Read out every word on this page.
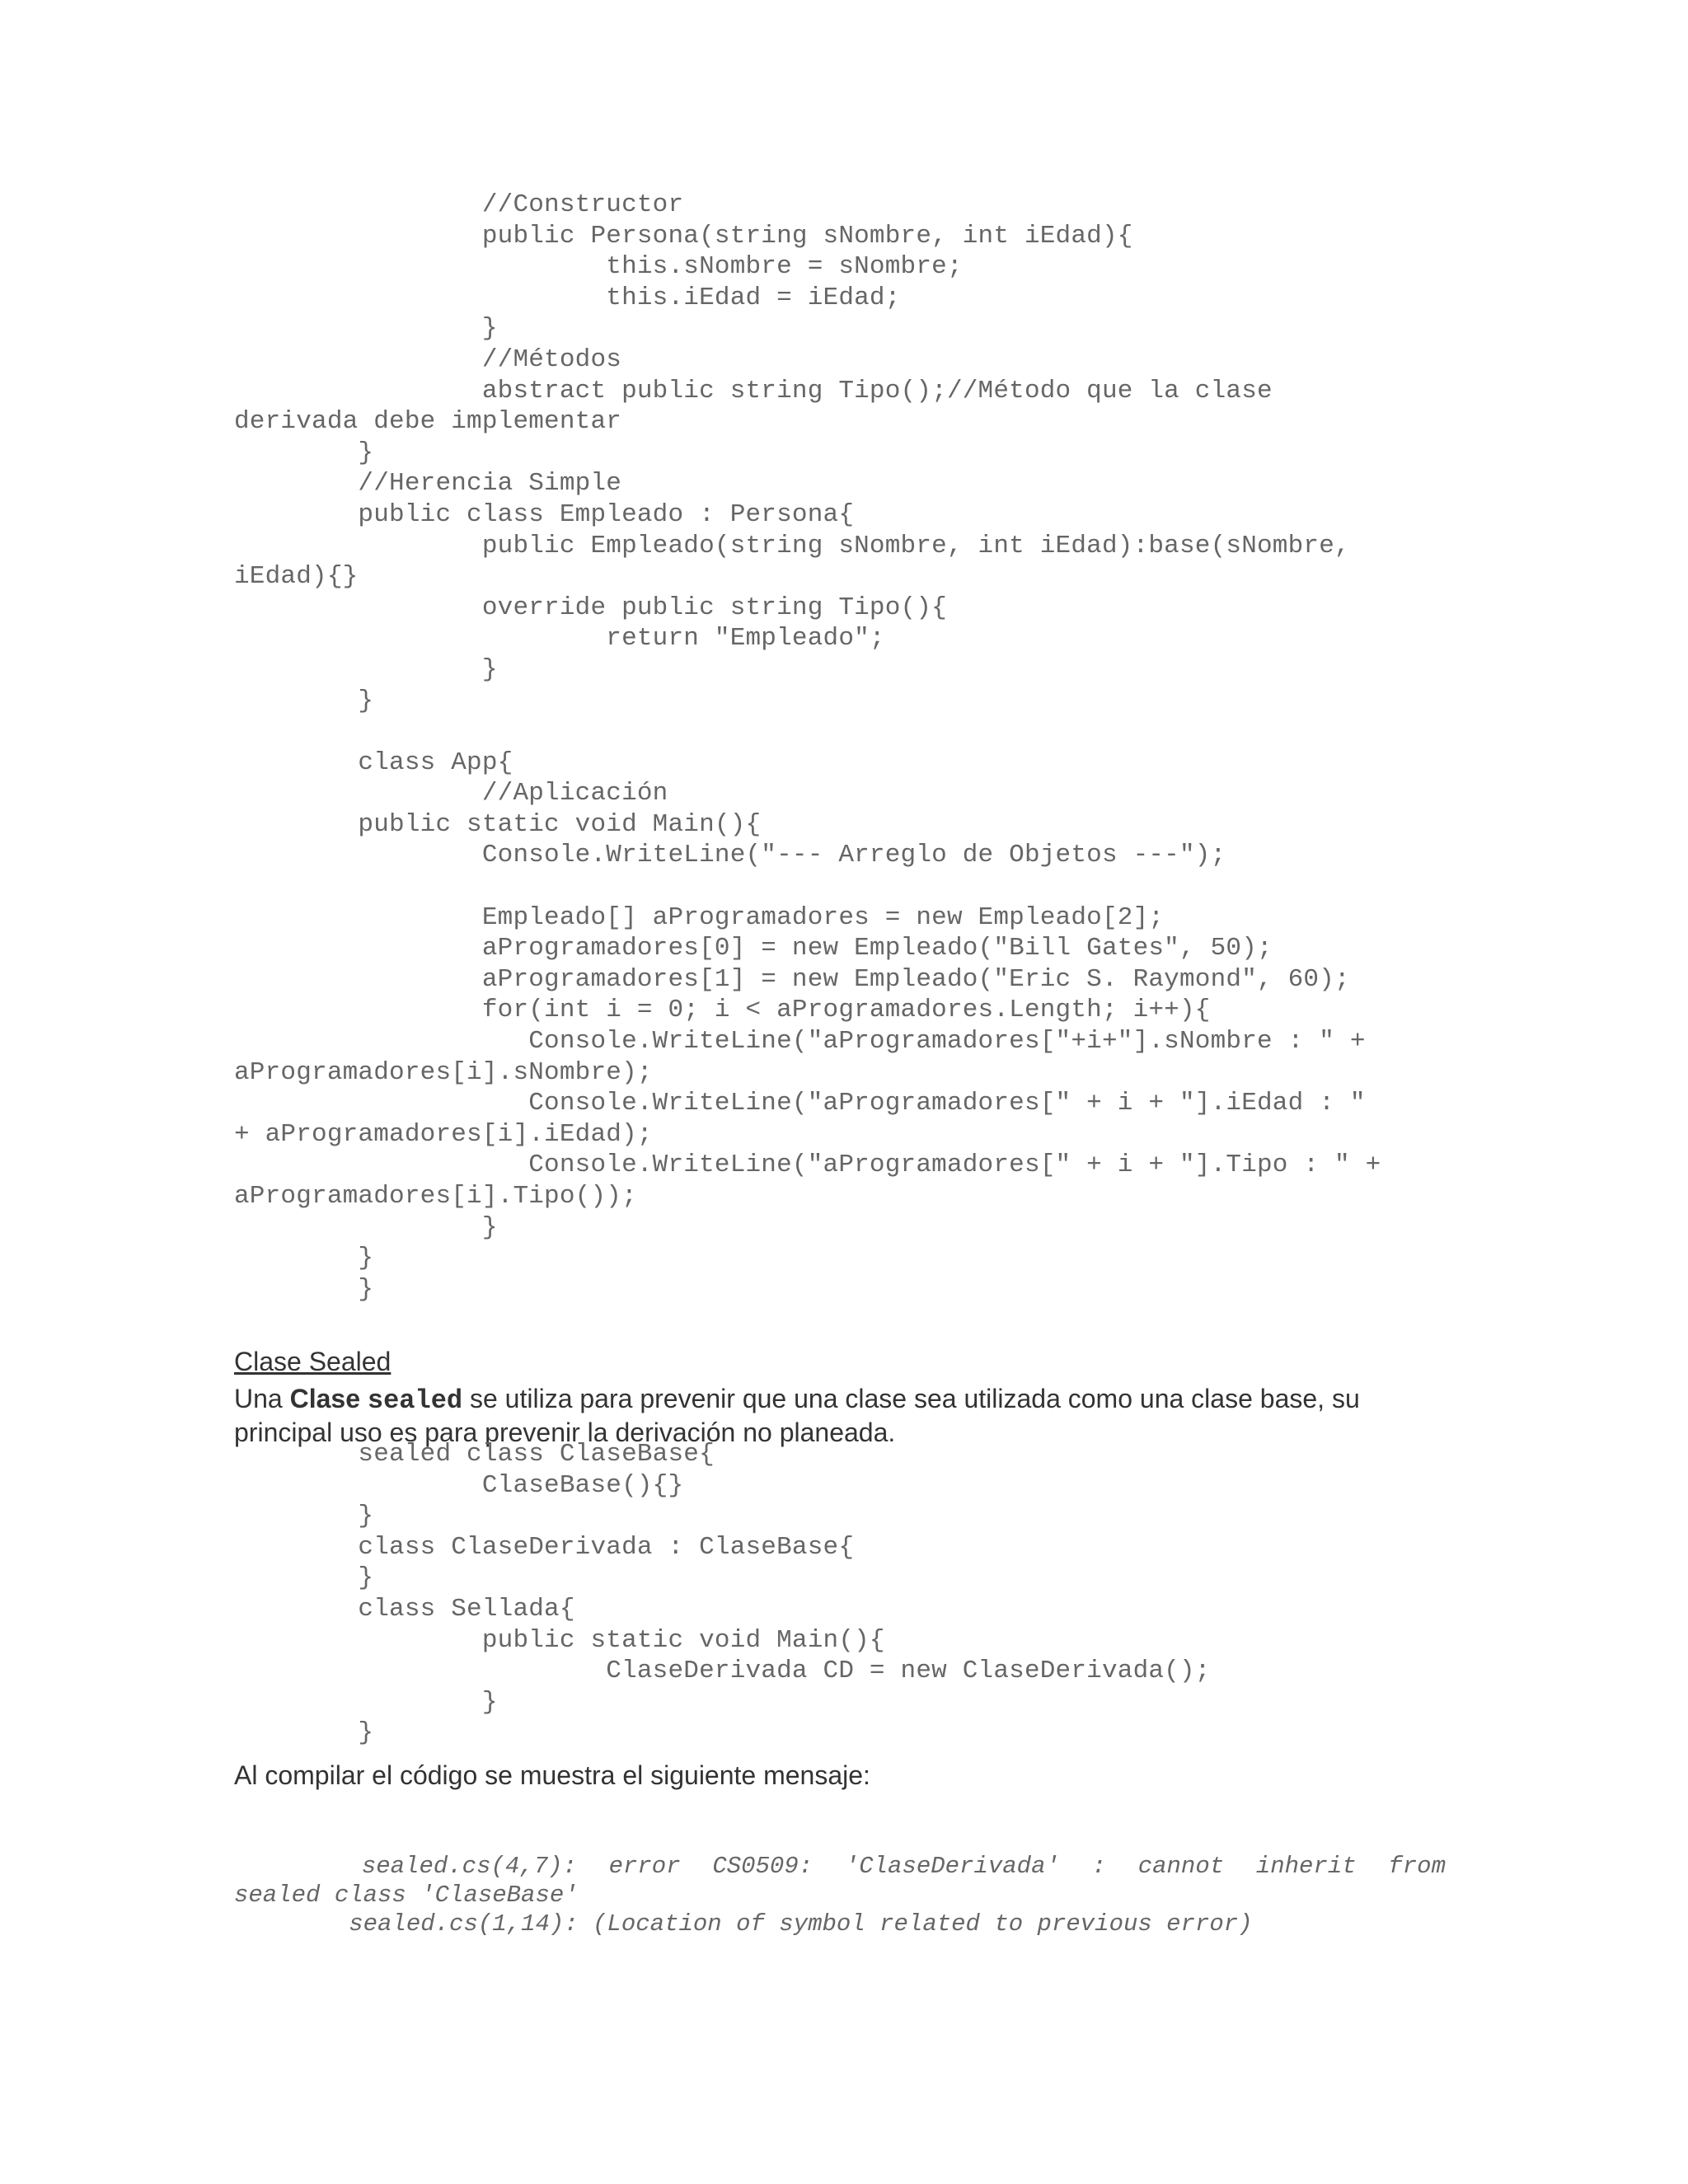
//Constructor
public Persona(string sNombre, int iEdad){
this.sNombre = sNombre;
this.iEdad = iEdad;
}
//Métodos
abstract public string Tipo();//Método que la clase
derivada debe implementar
}
//Herencia Simple
public class Empleado : Persona{
public Empleado(string sNombre, int iEdad):base(sNombre,
iEdad){}
override public string Tipo(){
return "Empleado";
}
}

class App{
//Aplicación
public static void Main(){
Console.WriteLine("--- Arreglo de Objetos ---");

Empleado[] aProgramadores = new Empleado[2];
aProgramadores[0] = new Empleado("Bill Gates", 50);
aProgramadores[1] = new Empleado("Eric S. Raymond", 60);
for(int i = 0; i < aProgramadores.Length; i++){
Console.WriteLine("aProgramadores["+i+"].sNombre : " +
aProgramadores[i].sNombre);
Console.WriteLine("aProgramadores[" + i + "].iEdad : "
+ aProgramadores[i].iEdad);
Console.WriteLine("aProgramadores[" + i + "].Tipo : " +
aProgramadores[i].Tipo());
}
}
}
Clase Sealed
Una Clase sealed se utiliza para prevenir que una clase sea utilizada como una clase base, su principal uso es para prevenir la derivación no planeada.
sealed class ClaseBase{
ClaseBase(){}
}
class ClaseDerivada : ClaseBase{
}
class Sellada{
public static void Main(){
ClaseDerivada CD = new ClaseDerivada();
}
}
Al compilar el código se muestra el siguiente mensaje:
sealed.cs(4,7):  error  CS0509:  'ClaseDerivada'  :  cannot  inherit  from
sealed class 'ClaseBase'
sealed.cs(1,14): (Location of symbol related to previous error)
